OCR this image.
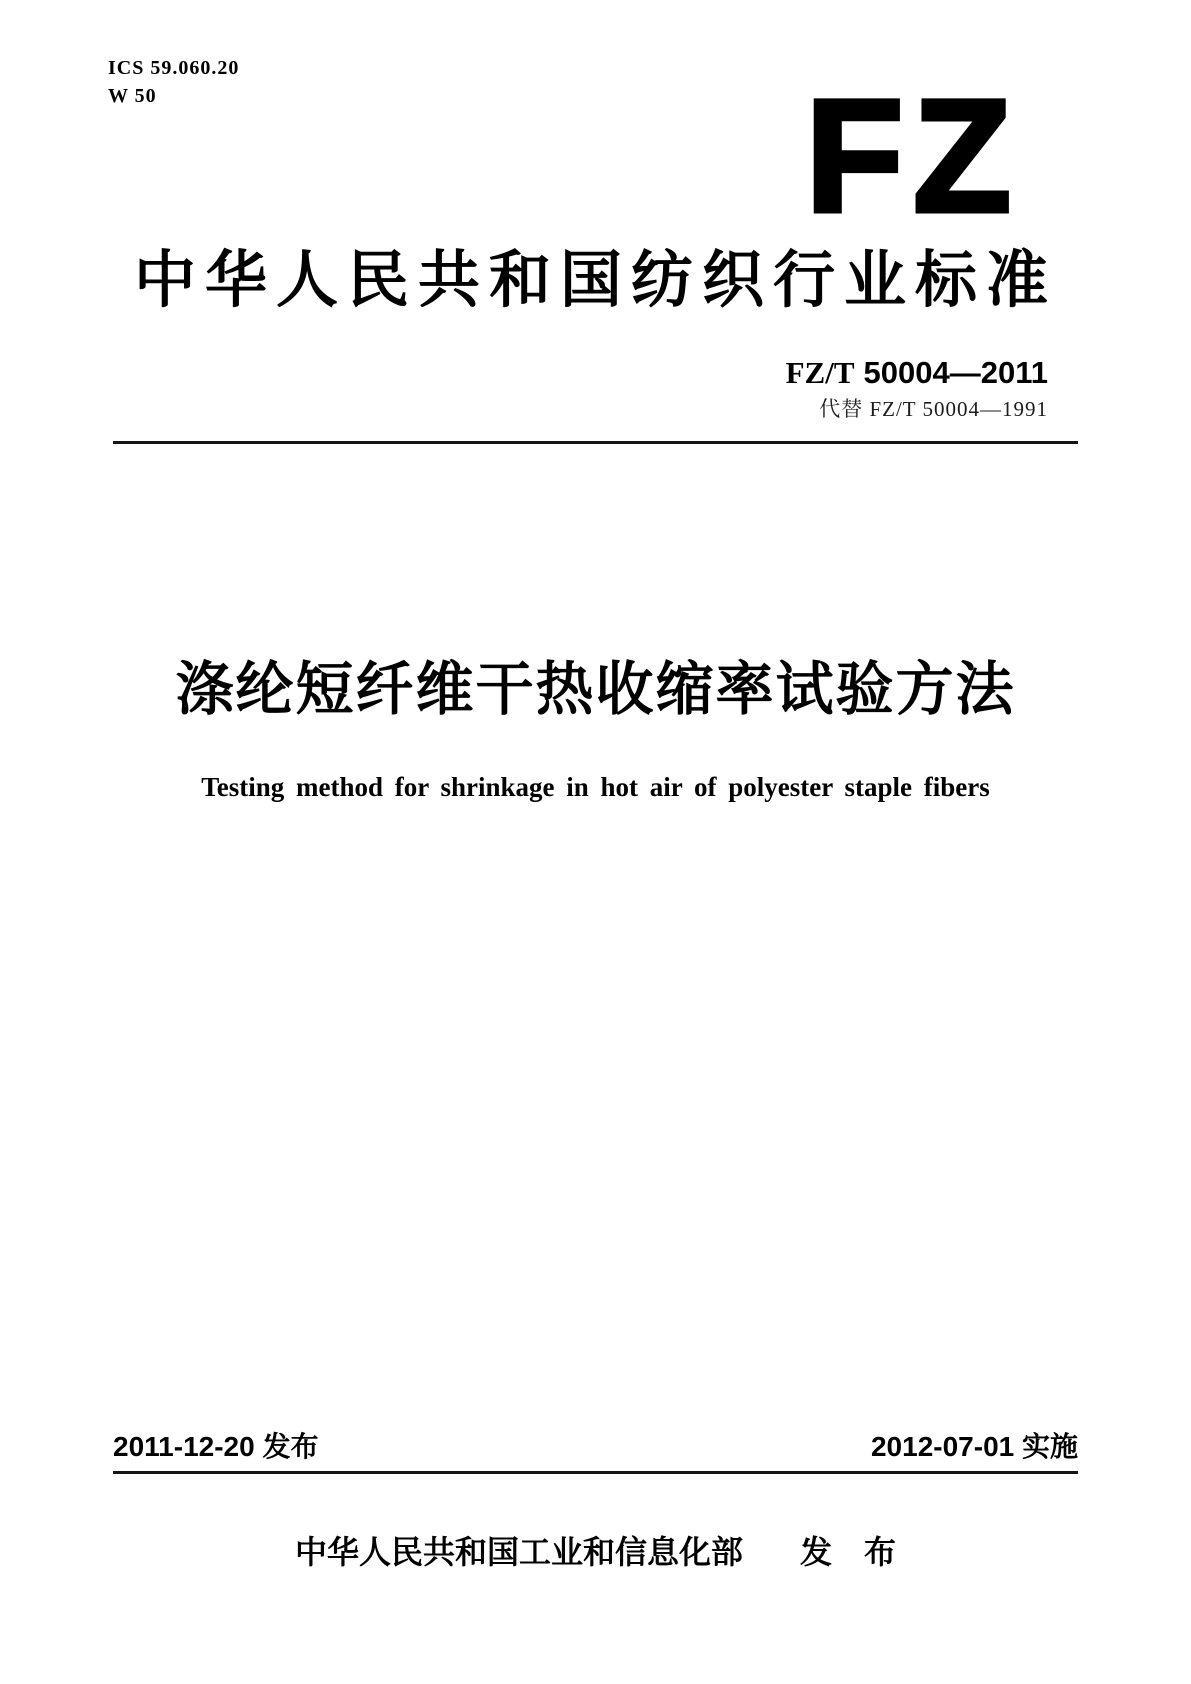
ICS 59.060.20
W 50	FZ
中华人民共和国纺织行业标准
FZ/T 50004—2011
代替 FZ/T 50004—1991
涤纶短纤维干热收缩率试验方法
Testing method for shrinkage in hot air of polyester staple fibers
2011-12-20 发布	2012-07-01 实施
中华人民共和国工业和信息化部 发　布
